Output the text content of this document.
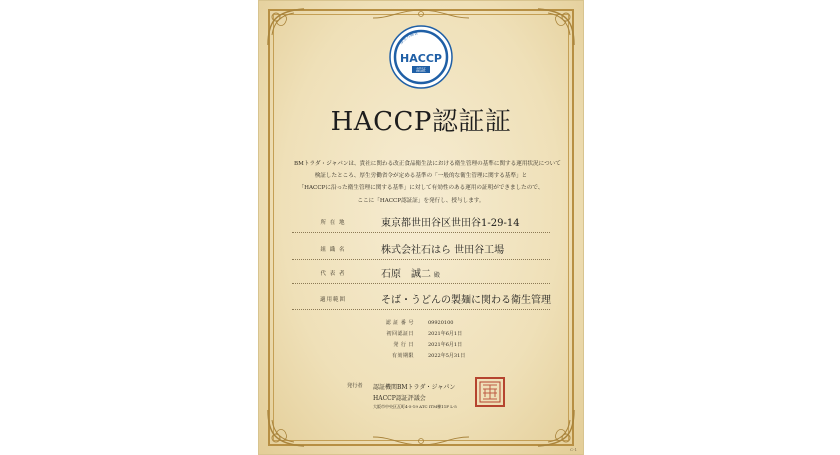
厚生労働省
HACCP
認証
HACCP認証証
BMトラダ・ジャパンは、貴社に関わる改正食品衛生法における衛生管理の基準に関する運用状況について
検証したところ、厚生労働省令が定める基準の「一般的な衛生管理に関する基準」と
「HACCPに沿った衛生管理に関する基準」に対して有効性のある運用の証明ができましたので、
ここに「HACCP認証証」を発行し、授与します。
所 在 地	東京都世田谷区世田谷1-29-14
組 織 名	株式会社石はら 世田谷工場
代 表 者	石原　誠二 殿
適用範囲	そば・うどんの製麺に関わる衛生管理
認 証 番 号	09920100
初回認証日	2021年6月1日
発 行 日	2021年6月1日
有効期限	2022年5月31日
発行者 認証機関BMトラダ・ジャパン
HACCP認証評議会
大阪市中央区瓦町4-5-19 ATC ITM棟11F L-5
C-1
